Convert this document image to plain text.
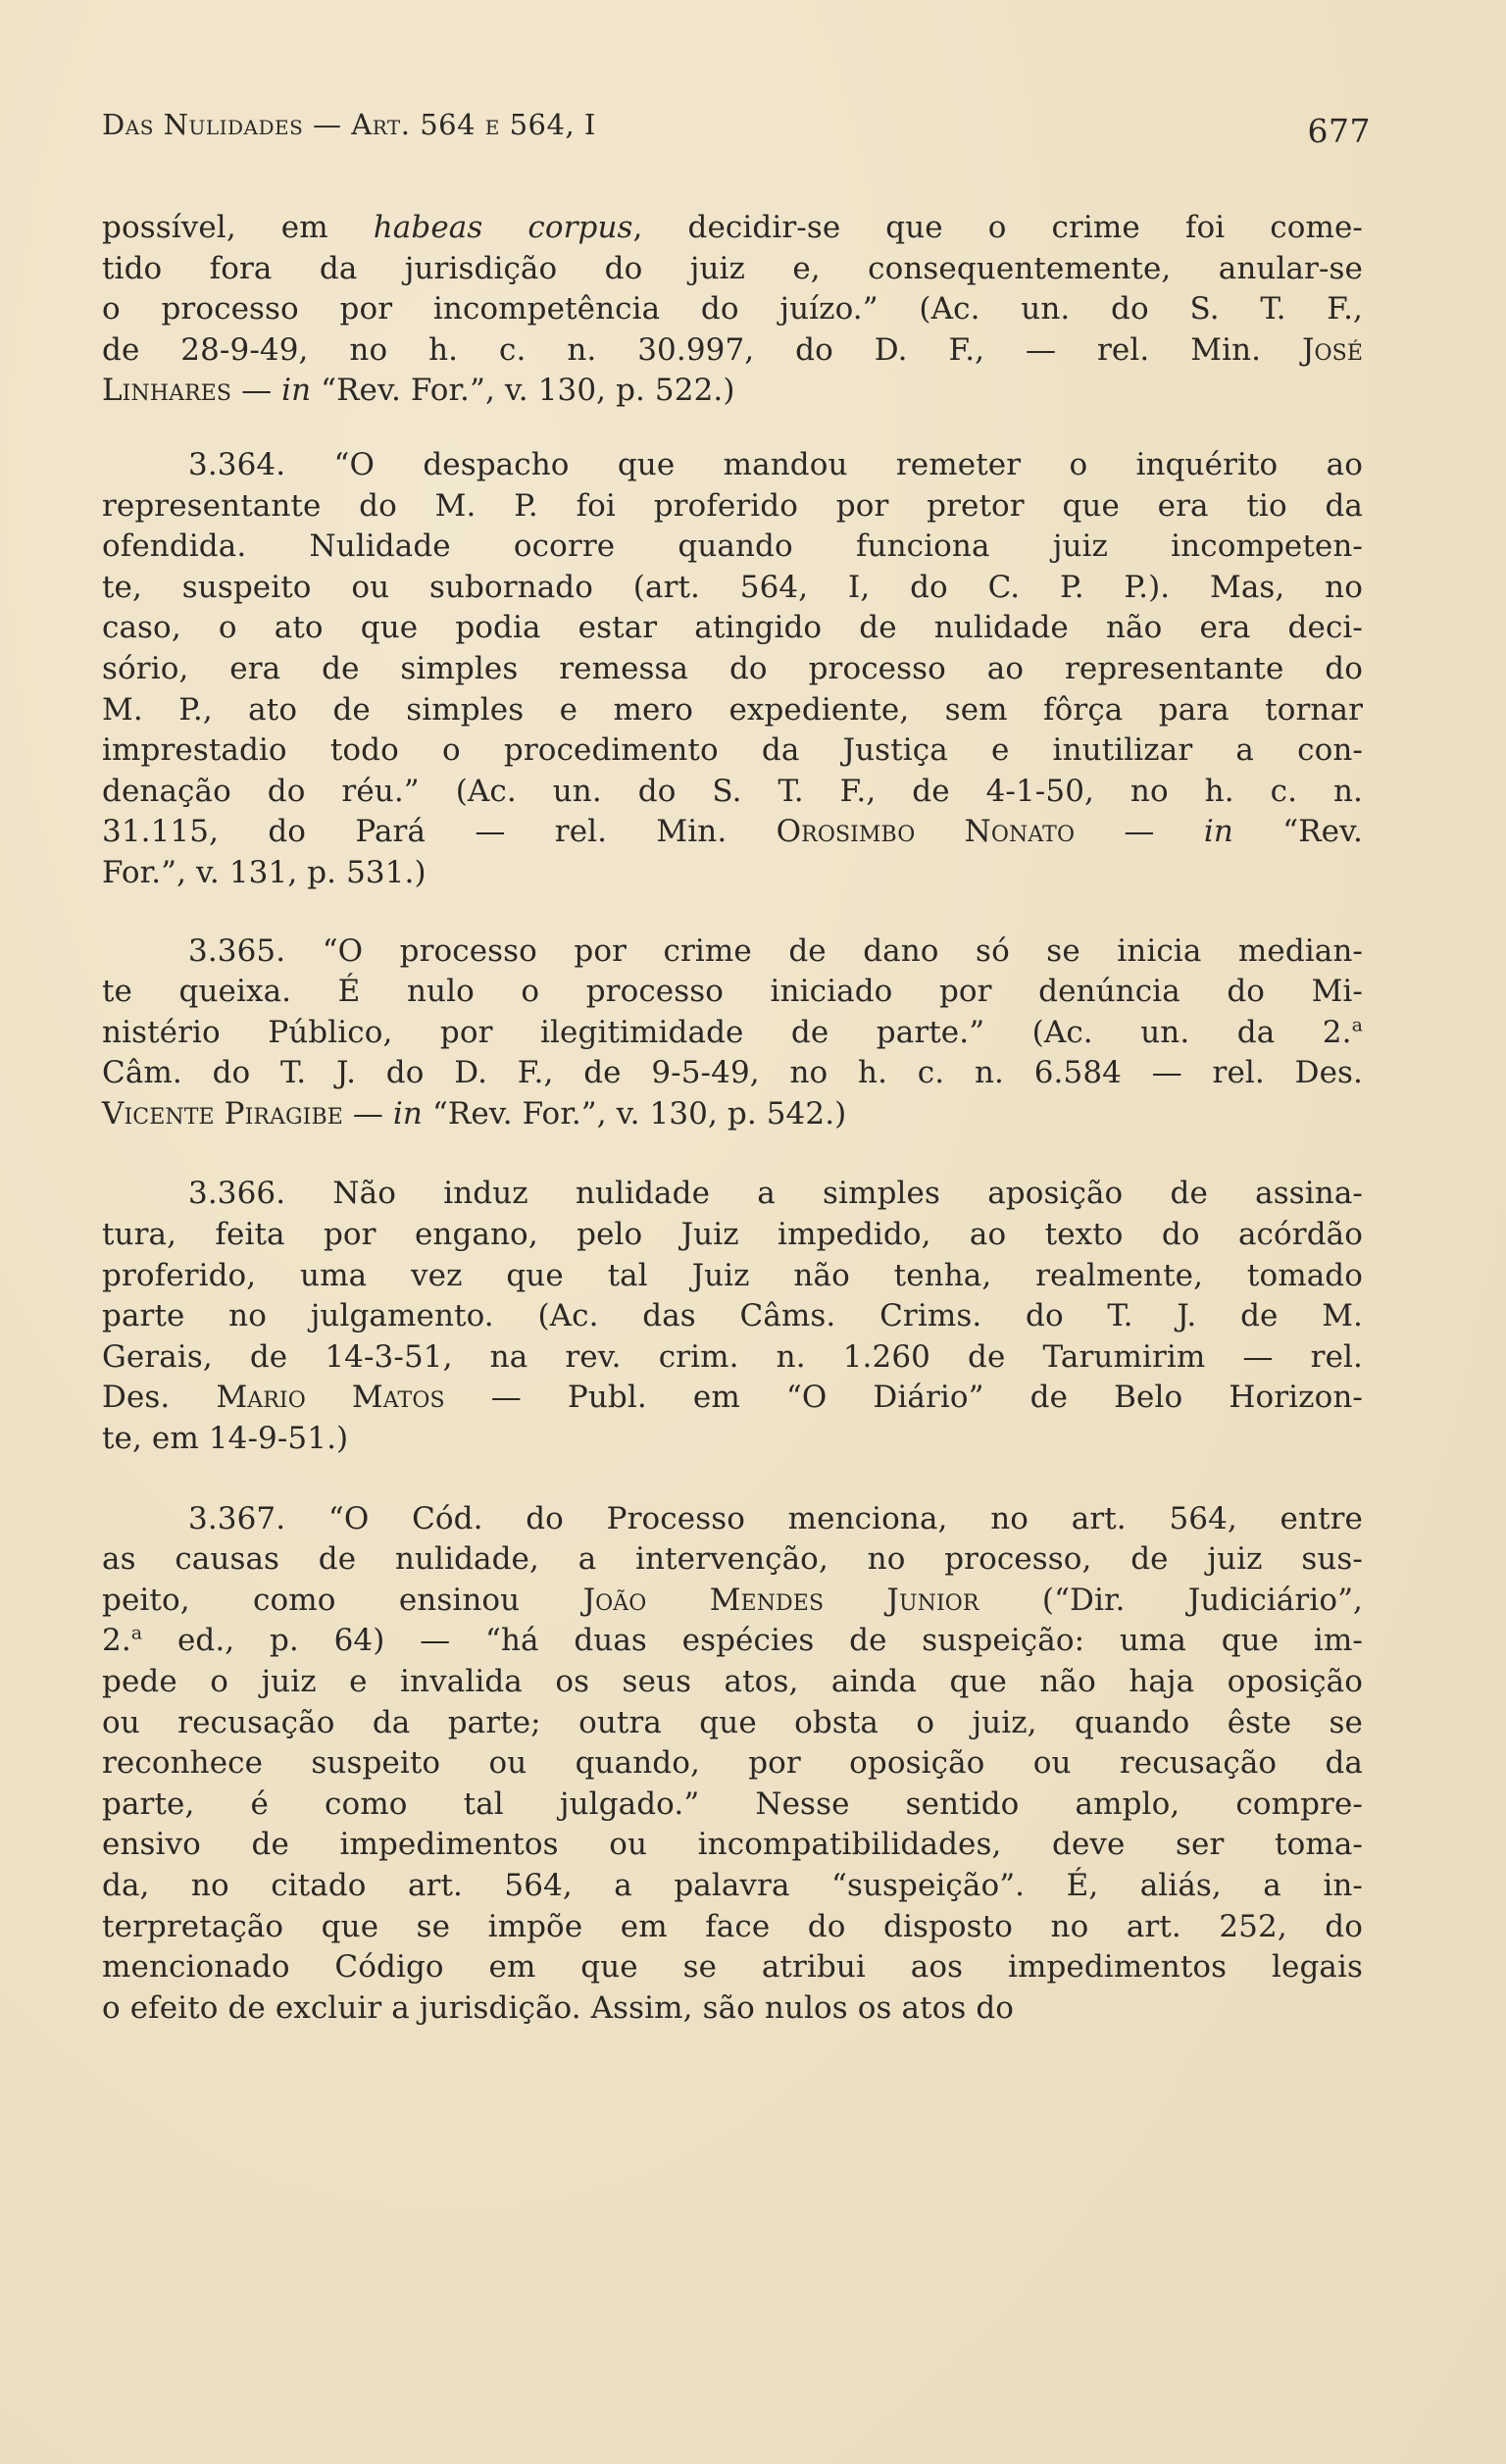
Das Nulidades — Art. 564 e 564, I	677
possível, em habeas corpus, decidir-se que o crime foi come-
tido fora da jurisdição do juiz e, consequentemente, anular-se
o processo por incompetência do juízo.” (Ac. un. do S. T. F.,
de 28-9-49, no h. c. n. 30.997, do D. F., — rel. Min. José
Linhares — in “Rev. For.”, v. 130, p. 522.)
3.364. “O despacho que mandou remeter o inquérito ao
representante do M. P. foi proferido por pretor que era tio da
ofendida. Nulidade ocorre quando funciona juiz incompeten-
te, suspeito ou subornado (art. 564, I, do C. P. P.). Mas, no
caso, o ato que podia estar atingido de nulidade não era deci-
sório, era de simples remessa do processo ao representante do
M. P., ato de simples e mero expediente, sem fôrça para tornar
imprestadio todo o procedimento da Justiça e inutilizar a con-
denação do réu.” (Ac. un. do S. T. F., de 4-1-50, no h. c. n.
31.115, do Pará — rel. Min. Orosimbo Nonato — in “Rev.
For.”, v. 131, p. 531.)
3.365. “O processo por crime de dano só se inicia median-
te queixa. É nulo o processo iniciado por denúncia do Mi-
nistério Público, por ilegitimidade de parte.” (Ac. un. da 2.$^a$
Câm. do T. J. do D. F., de 9-5-49, no h. c. n. 6.584 — rel. Des.
Vicente Piragibe — in “Rev. For.”, v. 130, p. 542.)
3.366. Não induz nulidade a simples aposição de assina-
tura, feita por engano, pelo Juiz impedido, ao texto do acórdão
proferido, uma vez que tal Juiz não tenha, realmente, tomado
parte no julgamento. (Ac. das Câms. Crims. do T. J. de M.
Gerais, de 14-3-51, na rev. crim. n. 1.260 de Tarumirim — rel.
Des. Mario Matos — Publ. em “O Diário” de Belo Horizon-
te, em 14-9-51.)
3.367. “O Cód. do Processo menciona, no art. 564, entre
as causas de nulidade, a intervenção, no processo, de juiz sus-
peito, como ensinou João Mendes Junior (“Dir. Judiciário”,
2.$^a$ ed., p. 64) — “há duas espécies de suspeição: uma que im-
pede o juiz e invalida os seus atos, ainda que não haja oposição
ou recusação da parte; outra que obsta o juiz, quando êste se
reconhece suspeito ou quando, por oposição ou recusação da
parte, é como tal julgado.” Nesse sentido amplo, compre-
ensivo de impedimentos ou incompatibilidades, deve ser toma-
da, no citado art. 564, a palavra “suspeição”. É, aliás, a in-
terpretação que se impõe em face do disposto no art. 252, do
mencionado Código em que se atribui aos impedimentos legais
o efeito de excluir a jurisdição. Assim, são nulos os atos do
